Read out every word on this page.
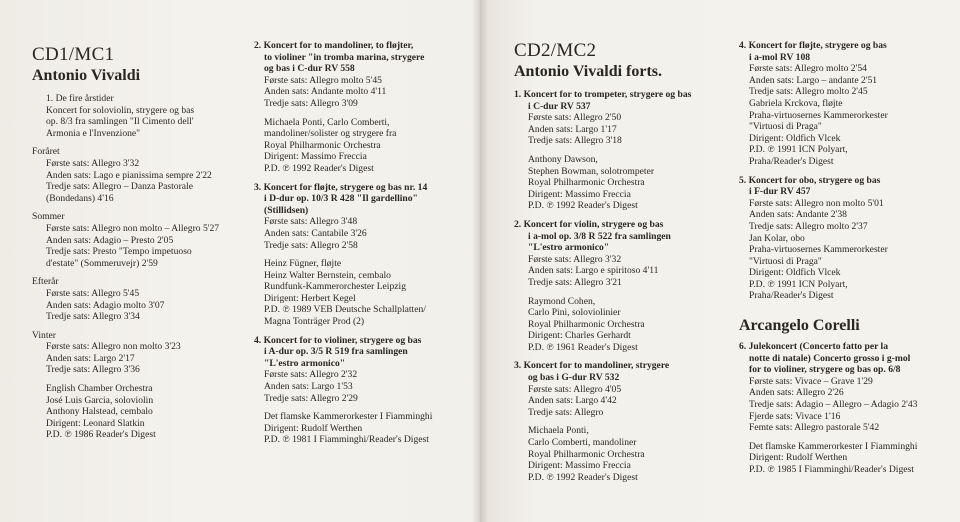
CD1/MC1
Antonio Vivaldi
1. De fire årstider
Koncert for soloviolin, strygere og bas
op. 8/3 fra samlingen "Il Cimento dell'
Armonia e l'Invenzione"
Foråret
Første sats: Allegro 3'32
Anden sats: Lago e pianissima sempre 2'22
Tredje sats: Allegro – Danza Pastorale
(Bondedans) 4'16
Sommer
Første sats: Allegro non molto – Allegro 5'27
Anden sats: Adagio – Presto 2'05
Tredje sats: Presto "Tempo impetuoso
d'estate" (Sommeruvejr) 2'59
Efterår
Første sats: Allegro 5'45
Anden sats: Adagio molto 3'07
Tredje sats: Allegro 3'34
Vinter
Første sats: Allegro non molto 3'23
Anden sats: Largo 2'17
Tredje sats: Allegro 3'36
English Chamber Orchestra
José Luis Garcia, soloviolin
Anthony Halstead, cembalo
Dirigent: Leonard Slatkin
P.D. ℗ 1986 Reader's Digest
2. Koncert for to mandoliner, to fløjter,
to violiner "in tromba marina, strygere
og bas i C-dur RV 558
Første sats: Allegro molto 5'45
Anden sats: Andante molto 4'11
Tredje sats: Allegro 3'09
Michaela Ponti, Carlo Comberti,
mandoliner/solister og strygere fra
Royal Philharmonic Orchestra
Dirigent: Massimo Freccia
P.D. ℗ 1992 Reader's Digest
3. Koncert for fløjte, strygere og bas nr. 14
i D-dur op. 10/3 R 428 "Il gardellino"
(Stillidsen)
Første sats: Allegro 3'48
Anden sats: Cantabile 3'26
Tredje sats: Allegro 2'58
Heinz Fügner, fløjte
Heinz Walter Bernstein, cembalo
Rundfunk-Kammerorchester Leipzig
Dirigent: Herbert Kegel
P.D. ℗ 1989 VEB Deutsche Schallplatten/
Magna Tonträger Prod (2)
4. Koncert for to violiner, strygere og bas
i A-dur op. 3/5 R 519 fra samlingen
"L'estro armonico"
Første sats: Allegro 2'32
Anden sats: Largo 1'53
Tredje sats: Allegro 2'29
Det flamske Kammerorkester I Fiamminghi
Dirigent: Rudolf Werthen
P.D. ℗ 1981 I Fiamminghi/Reader's Digest
CD2/MC2
Antonio Vivaldi forts.
1. Koncert for to trompeter, strygere og bas
i C-dur RV 537
Første sats: Allegro 2'50
Anden sats: Largo 1'17
Tredje sats: Allegro 3'18
Anthony Dawson,
Stephen Bowman, solotrompeter
Royal Philharmonic Orchestra
Dirigent: Massimo Freccia
P.D. ℗ 1992 Reader's Digest
2. Koncert for violin, strygere og bas
i a-mol op. 3/8 R 522 fra samlingen
"L'estro armonico"
Første sats: Allegro 3'32
Anden sats: Largo e spiritoso 4'11
Tredje sats: Allegro 3'21
Raymond Cohen,
Carlo Pini, soloviolinier
Royal Philharmonic Orchestra
Dirigent: Charles Gerhardt
P.D. ℗ 1961 Reader's Digest
3. Koncert for to mandoliner, strygere
og bas i G-dur RV 532
Første sats: Allegro 4'05
Anden sats: Largo 4'42
Tredje sats: Allegro
Michaela Ponti,
Carlo Comberti, mandoliner
Royal Philharmonic Orchestra
Dirigent: Massimo Freccia
P.D. ℗ 1992 Reader's Digest
4. Koncert for fløjte, strygere og bas
i a-mol RV 108
Første sats: Allegro molto 2'54
Anden sats: Largo – andante 2'51
Tredje sats: Allegro molto 2'45
Gabriela Krckova, fløjte
Praha-virtuosernes Kammerorkester
"Virtuosi di Praga"
Dirigent: Oldfich Vlcek
P.D. ℗ 1991 ICN Polyart,
Praha/Reader's Digest
5. Koncert for obo, strygere og bas
i F-dur RV 457
Første sats: Allegro non molto 5'01
Anden sats: Andante 2'38
Tredje sats: Allegro molto 2'37
Jan Kolar, obo
Praha-virtuosernes Kammerorkester
"Virtuosi di Praga"
Dirigent: Oldfich Vlcek
P.D. ℗ 1991 ICN Polyart,
Praha/Reader's Digest
Arcangelo Corelli
6. Julekoncert (Concerto fatto per la
notte di natale) Concerto grosso i g-mol
for to violiner, strygere og bas op. 6/8
Første sats: Vivace – Grave 1'29
Anden sats: Allegro 2'26
Tredje sats: Adagio – Allegro – Adagio 2'43
Fjerde sats: Vivace 1'16
Femte sats: Allegro pastorale 5'42
Det flamske Kammerorkester I Fiamminghi
Dirigent: Rudolf Werthen
P.D. ℗ 1985 I Fiamminghi/Reader's Digest
